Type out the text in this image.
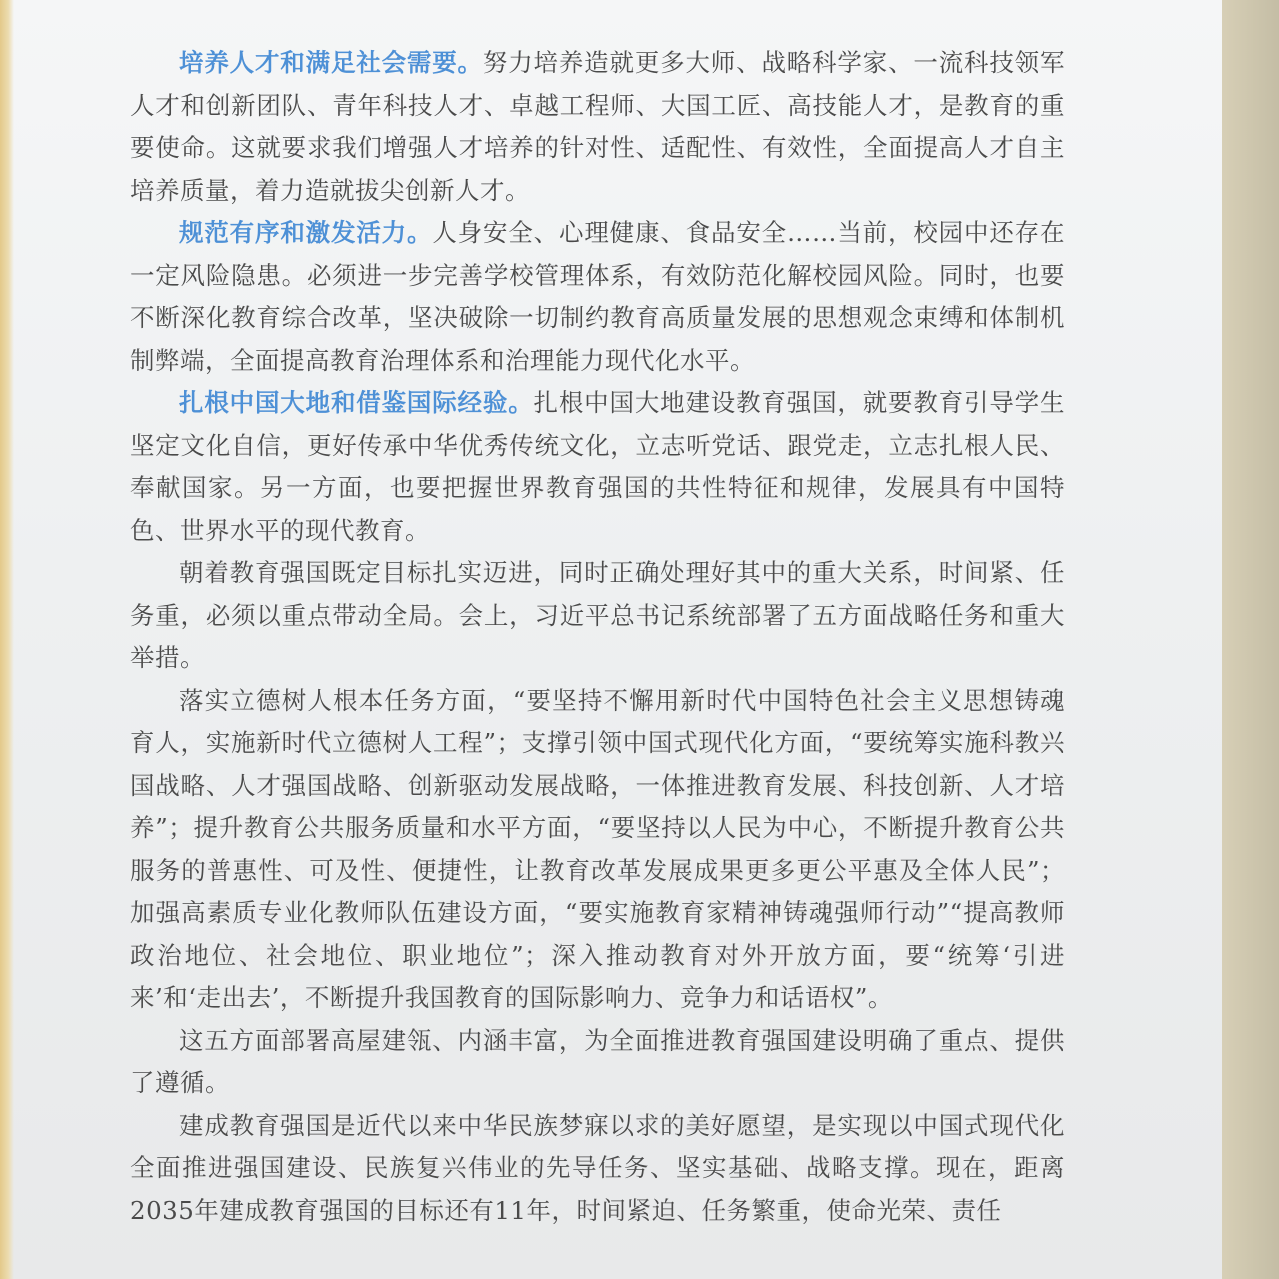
培养人才和满足社会需要。努力培养造就更多大师、战略科学家、一流科技领军人才和创新团队、青年科技人才、卓越工程师、大国工匠、高技能人才，是教育的重要使命。这就要求我们增强人才培养的针对性、适配性、有效性，全面提高人才自主培养质量，着力造就拔尖创新人才。

规范有序和激发活力。人身安全、心理健康、食品安全……当前，校园中还存在一定风险隐患。必须进一步完善学校管理体系，有效防范化解校园风险。同时，也要不断深化教育综合改革，坚决破除一切制约教育高质量发展的思想观念束缚和体制机制弊端，全面提高教育治理体系和治理能力现代化水平。

扎根中国大地和借鉴国际经验。扎根中国大地建设教育强国，就要教育引导学生坚定文化自信，更好传承中华优秀传统文化，立志听党话、跟党走，立志扎根人民、奉献国家。另一方面，也要把握世界教育强国的共性特征和规律，发展具有中国特色、世界水平的现代教育。

朝着教育强国既定目标扎实迈进，同时正确处理好其中的重大关系，时间紧、任务重，必须以重点带动全局。会上，习近平总书记系统部署了五方面战略任务和重大举措。

落实立德树人根本任务方面，“要坚持不懈用新时代中国特色社会主义思想铸魂育人，实施新时代立德树人工程”；支撑引领中国式现代化方面，“要统筹实施科教兴国战略、人才强国战略、创新驱动发展战略，一体推进教育发展、科技创新、人才培养”；提升教育公共服务质量和水平方面，“要坚持以人民为中心，不断提升教育公共服务的普惠性、可及性、便捷性，让教育改革发展成果更多更公平惠及全体人民”；加强高素质专业化教师队伍建设方面，“要实施教育家精神铸魂强师行动”“提高教师政治地位、社会地位、职业地位”；深入推动教育对外开放方面，要“统筹‘引进来’和‘走出去’，不断提升我国教育的国际影响力、竞争力和话语权”。

这五方面部署高屋建瓴、内涵丰富，为全面推进教育强国建设明确了重点、提供了遵循。

建成教育强国是近代以来中华民族梦寐以求的美好愿望，是实现以中国式现代化全面推进强国建设、民族复兴伟业的先导任务、坚实基础、战略支撑。现在，距离2035年建成教育强国的目标还有11年，时间紧迫、任务繁重，使命光荣、责任
